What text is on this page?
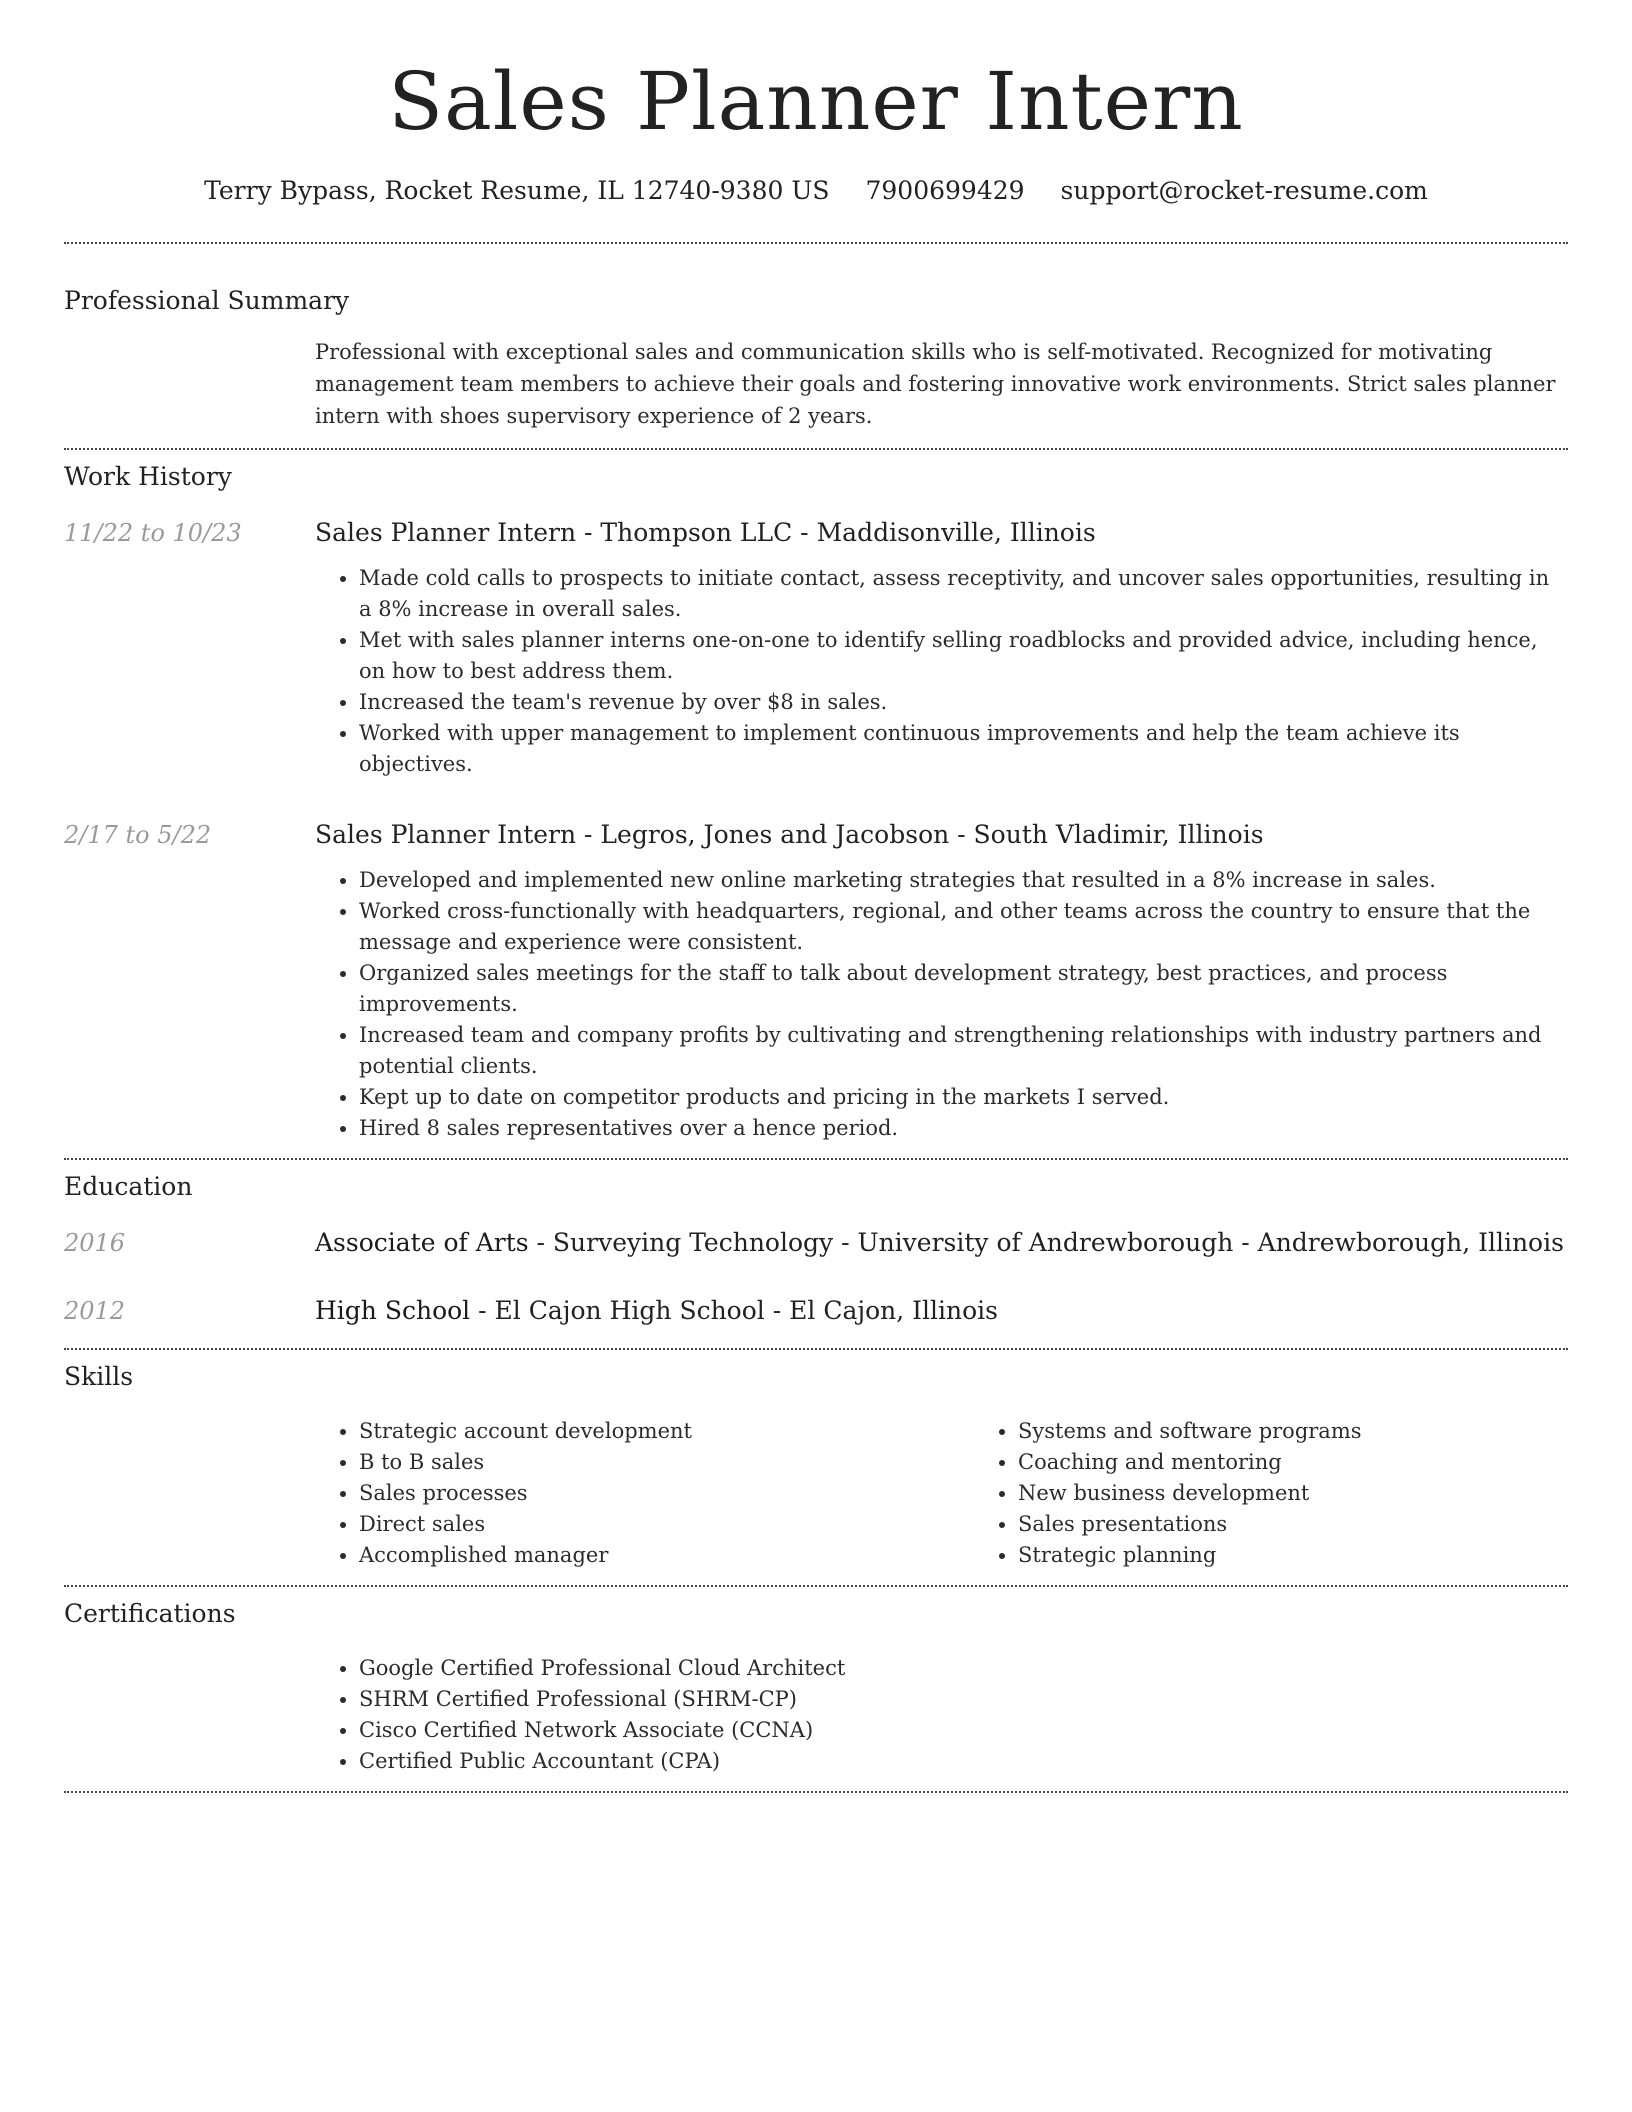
Sales Planner Intern
Terry Bypass, Rocket Resume, IL 12740-9380 US 7900699429 support@rocket-resume.com
Professional Summary
Professional with exceptional sales and communication skills who is self-motivated. Recognized for motivating management team members to achieve their goals and fostering innovative work environments. Strict sales planner intern with shoes supervisory experience of 2 years.
Work History
11/22 to 10/23	Sales Planner Intern - Thompson LLC - Maddisonville, Illinois
• Made cold calls to prospects to initiate contact, assess receptivity, and uncover sales opportunities, resulting in a 8% increase in overall sales.
• Met with sales planner interns one-on-one to identify selling roadblocks and provided advice, including hence, on how to best address them.
• Increased the team's revenue by over $8 in sales.
• Worked with upper management to implement continuous improvements and help the team achieve its objectives.
2/17 to 5/22	Sales Planner Intern - Legros, Jones and Jacobson - South Vladimir, Illinois
• Developed and implemented new online marketing strategies that resulted in a 8% increase in sales.
• Worked cross-functionally with headquarters, regional, and other teams across the country to ensure that the message and experience were consistent.
• Organized sales meetings for the staff to talk about development strategy, best practices, and process improvements.
• Increased team and company profits by cultivating and strengthening relationships with industry partners and potential clients.
• Kept up to date on competitor products and pricing in the markets I served.
• Hired 8 sales representatives over a hence period.
Education
2016	Associate of Arts - Surveying Technology - University of Andrewborough - Andrewborough, Illinois
2012	High School - El Cajon High School - El Cajon, Illinois
Skills
• Strategic account development
• B to B sales
• Sales processes
• Direct sales
• Accomplished manager
• Systems and software programs
• Coaching and mentoring
• New business development
• Sales presentations
• Strategic planning
Certifications
• Google Certified Professional Cloud Architect
• SHRM Certified Professional (SHRM-CP)
• Cisco Certified Network Associate (CCNA)
• Certified Public Accountant (CPA)
